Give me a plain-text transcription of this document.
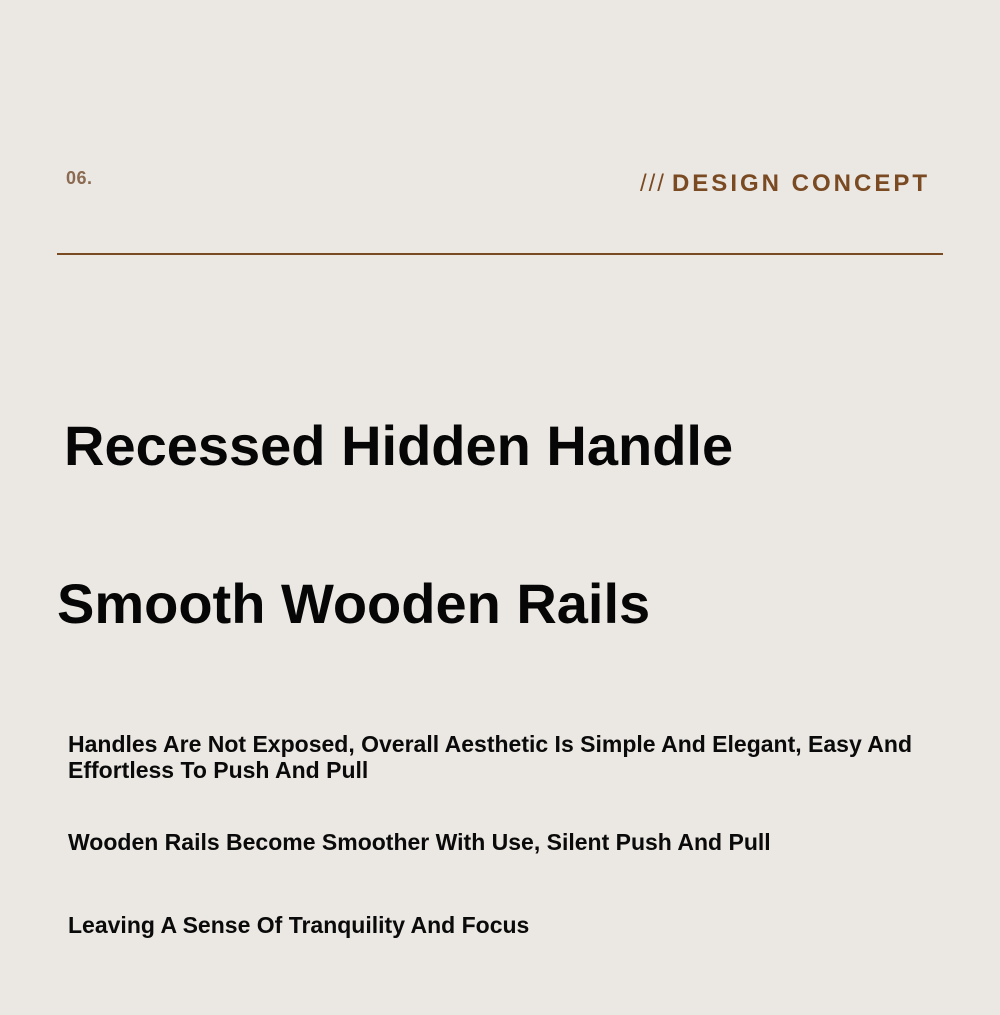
06.	/// DESIGN CONCEPT
Recessed Hidden Handle
Smooth Wooden Rails
Handles Are Not Exposed, Overall Aesthetic Is Simple And Elegant, Easy And Effortless To Push And Pull
Wooden Rails Become Smoother With Use, Silent Push And Pull
Leaving A Sense Of Tranquility And Focus
